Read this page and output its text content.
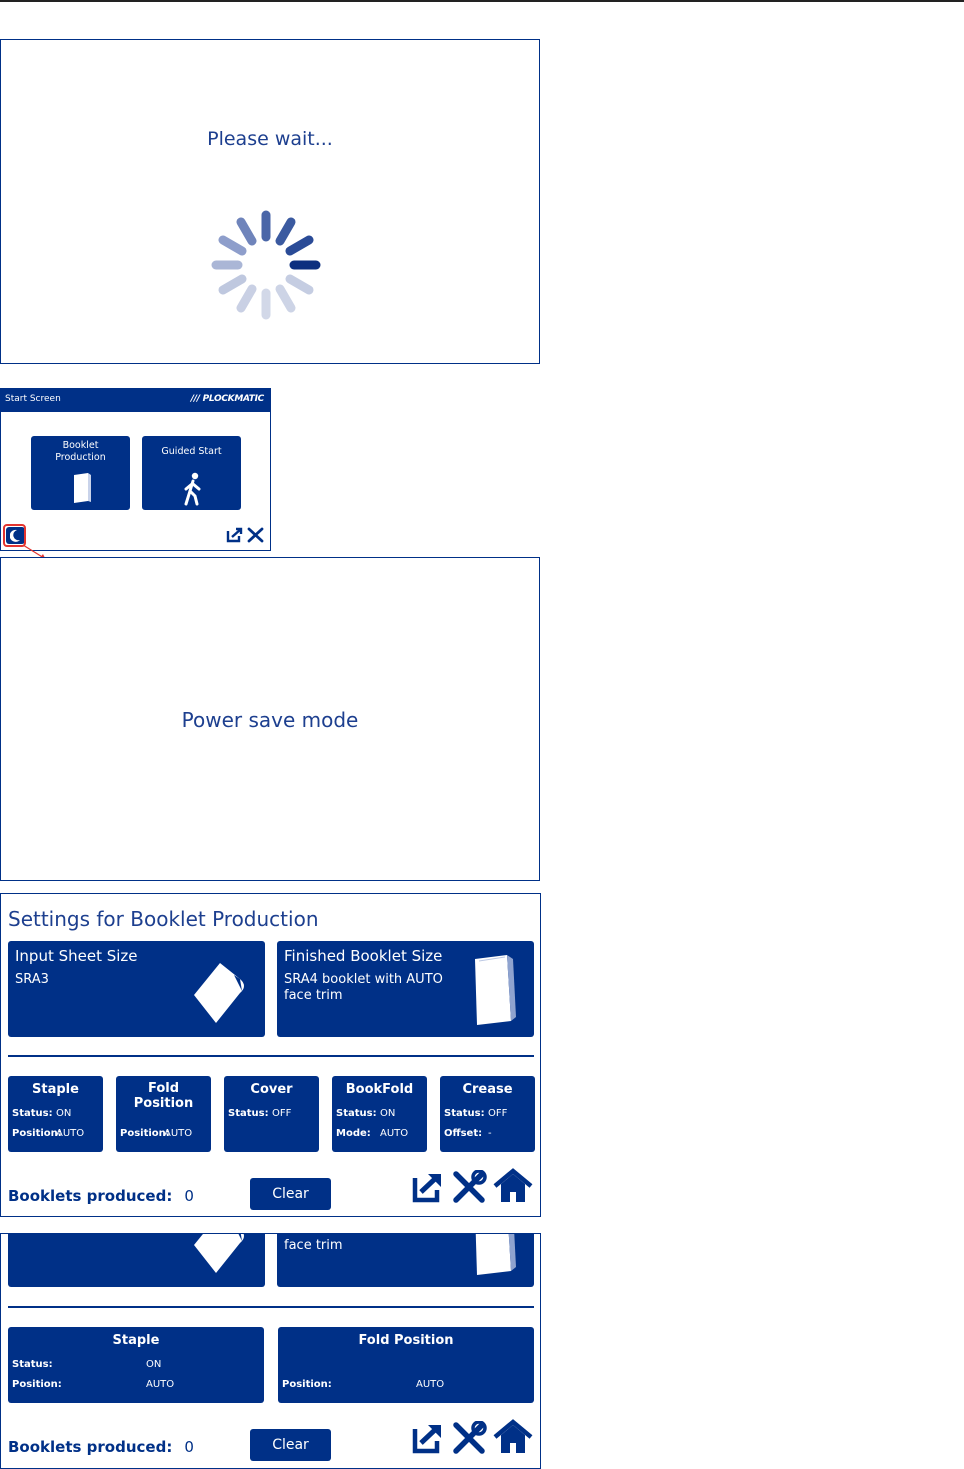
Please wait...
Start Screen	/// PLOCKMATIC
Booklet
Production
Guided Start
Power save mode
Settings for Booklet Production
Input Sheet Size
SRA3
Finished Booklet Size
SRA4 booklet with AUTO
face trim
Staple
Status: ON
Position:AUTO
Fold Position
Position:AUTO
Cover
Status: OFF
BookFold
Status: ON
Mode: AUTO
Crease
Status: OFF
Offset: -
Booklets produced: 0	Clear
face trim
Staple
Status:	ON
Position:	AUTO
Fold Position
Position:	AUTO
Booklets produced: 0	Clear
